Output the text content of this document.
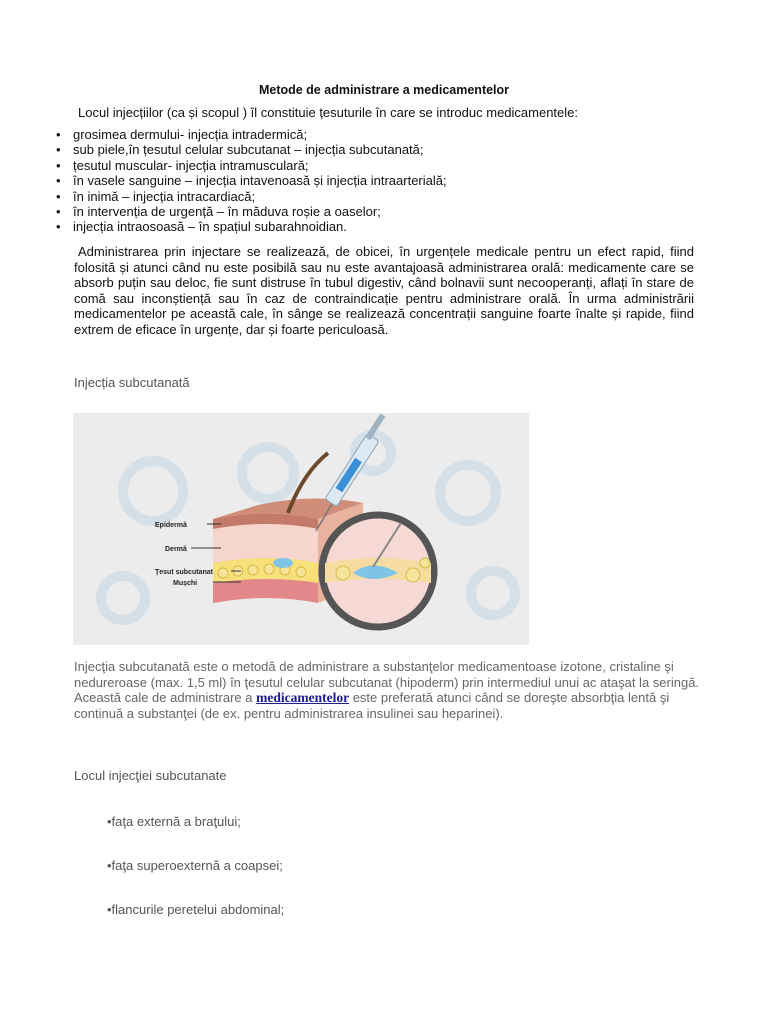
Metode de administrare a medicamentelor
Locul injecțiilor (ca și scopul ) îl constituie țesuturile în care se introduc medicamentele:
• grosimea dermului- injecția intradermică;
• sub piele,în țesutul celular subcutanat – injecția subcutanată;
• țesutul muscular- injecția intramusculară;
• în vasele sanguine – injecția intavenoasă și injecția intraarterială;
• în inimă – injecția intracardiacă;
• în intervenția de urgență – în măduva roșie a oaselor;
• injecția intraosoasă – în spațiul subarahnoidian.

Administrarea prin injectare se realizează, de obicei, în urgențele medicale pentru un efect rapid, fiind folosită și atunci când nu este posibilă sau nu este avantajoasă administrarea orală: medicamente care se absorb puțin sau deloc, fie sunt distruse în tubul digestiv, când bolnavii sunt necooperanți, aflați în stare de comă sau inconștiență sau în caz de contraindicație pentru administrare orală. În urma administrării medicamentelor pe această cale, în sânge se realizează concentrații sanguine foarte înalte și rapide, fiind extrem de eficace în urgențe, dar și foarte periculoasă.

Injecția subcutanată
Epidermă
Dermă
Țesut subcutanat
Mușchi

Injecţia subcutanată este o metodă de administrare a substanţelor medicamentoase izotone, cristaline şi nedureroase (max. 1,5 ml) în ţesutul celular subcutanat (hipoderm) prin intermediul unui ac ataşat la seringă. Această cale de administrare a medicamentelor este preferată atunci când se doreşte absorbţia lentă şi continuă a substanţei (de ex. pentru administrarea insulinei sau heparinei).

Locul injecţiei subcutanate
•faţa externă a braţului;
•faţa superoexternă a coapsei;
•flancurile peretelui abdominal;
